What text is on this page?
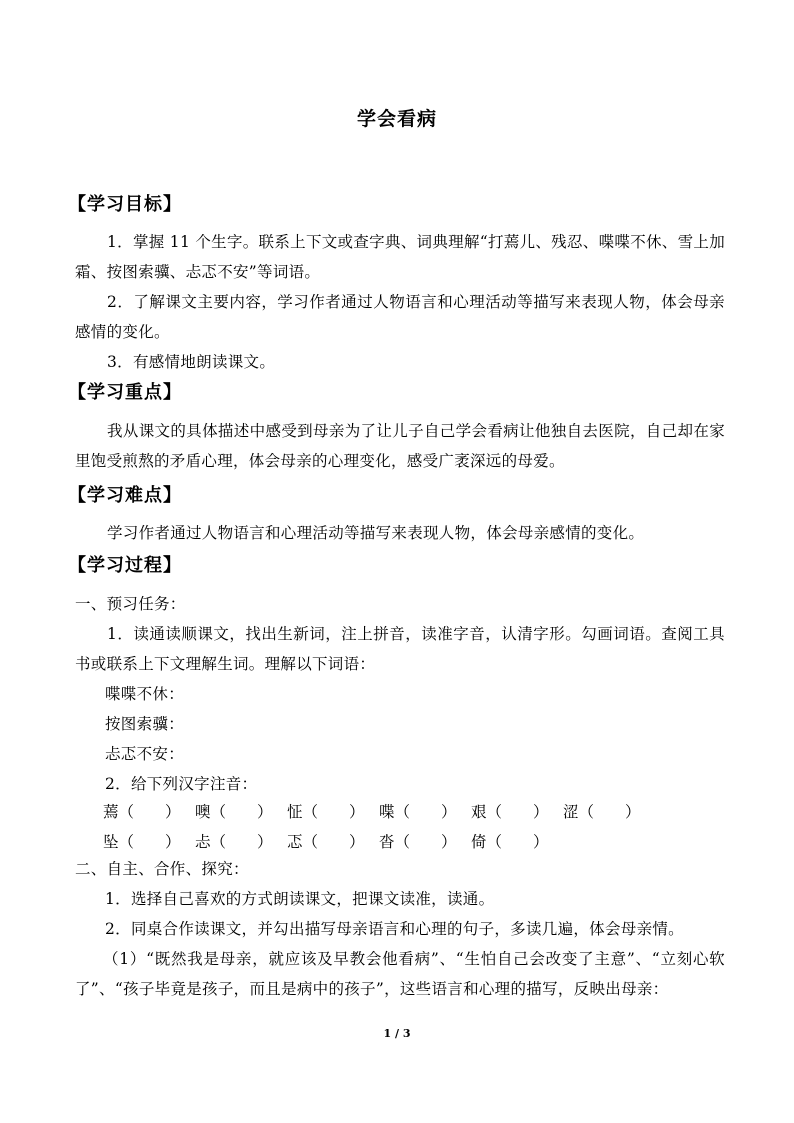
学会看病
【学习目标】
1．掌握 11 个生字。联系上下文或查字典、词典理解“打蔫儿、残忍、喋喋不休、雪上加霜、按图索骥、忐忑不安”等词语。
2．了解课文主要内容，学习作者通过人物语言和心理活动等描写来表现人物，体会母亲感情的变化。
3．有感情地朗读课文。
【学习重点】
我从课文的具体描述中感受到母亲为了让儿子自己学会看病让他独自去医院，自己却在家里饱受煎熬的矛盾心理，体会母亲的心理变化，感受广袤深远的母爱。
【学习难点】
学习作者通过人物语言和心理活动等描写来表现人物，体会母亲感情的变化。
【学习过程】
一、预习任务：
1．读通读顺课文，找出生新词，注上拼音，读准字音，认清字形。勾画词语。查阅工具书或联系上下文理解生词。理解以下词语：
喋喋不休：
按图索骥：
忐忑不安：
2．给下列汉字注音：
蔫（　　） 噢（　　） 怔（　　） 喋（　　） 艰（　　） 涩（　　）
坠（　　） 忐（　　） 忑（　　） 沓（　　） 倚（　　）
二、自主、合作、探究：
1．选择自己喜欢的方式朗读课文，把课文读准，读通。
2．同桌合作读课文，并勾出描写母亲语言和心理的句子，多读几遍，体会母亲情。
（1）“既然我是母亲，就应该及早教会他看病”、“生怕自己会改变了主意”、“立刻心软了”、“孩子毕竟是孩子，而且是病中的孩子”，这些语言和心理的描写，反映出母亲：
1 / 3
